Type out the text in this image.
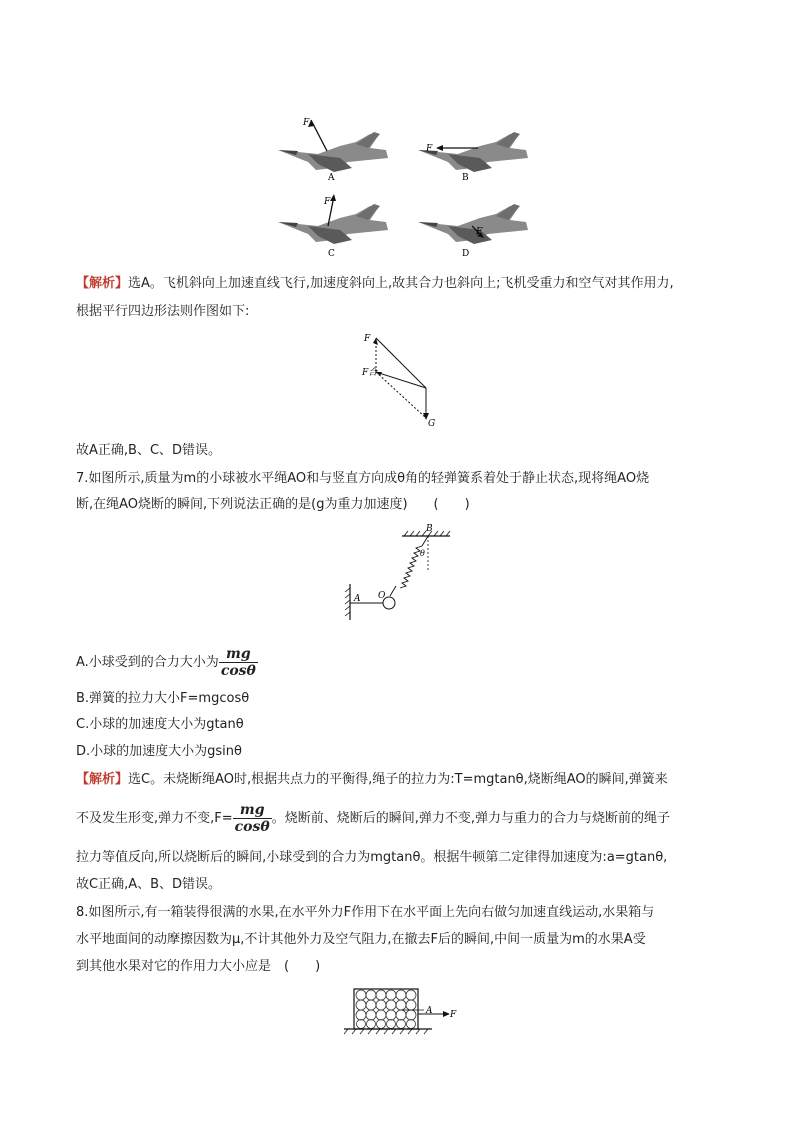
F
A
F
B
F
C
F
D
【解析】选A。飞机斜向上加速直线飞行,加速度斜向上,故其合力也斜向上;飞机受重力和空气对其作用力,
根据平行四边形法则作图如下:
F
F合
G
故A正确,B、C、D错误。
7.如图所示,质量为m的小球被水平绳AO和与竖直方向成θ角的轻弹簧系着处于静止状态,现将绳AO烧
断,在绳AO烧断的瞬间,下列说法正确的是(g为重力加速度)　　(　　)
B
θ
O
A
A.小球受到的合力大小为 $\frac{mg}{\cos\theta}$
B.弹簧的拉力大小F=mgcosθ
C.小球的加速度大小为gtanθ
D.小球的加速度大小为gsinθ
【解析】选C。未烧断绳AO时,根据共点力的平衡得,绳子的拉力为:T=mgtanθ,烧断绳AO的瞬间,弹簧来
不及发生形变,弹力不变$,F= \frac{mg}{\cos\theta}$ 。烧断前、烧断后的瞬间,弹力不变,弹力与重力的合力与烧断前的绳子
拉力等值反向,所以烧断后的瞬间,小球受到的合力为mgtanθ。根据牛顿第二定律得加速度为:a=gtanθ,
故C正确,A、B、D错误。
8.如图所示,有一箱装得很满的水果,在水平外力F作用下在水平面上先向右做匀加速直线运动,水果箱与
水平地面间的动摩擦因数为μ,不计其他外力及空气阻力,在撤去F后的瞬间,中间一质量为m的水果A受
到其他水果对它的作用力大小应是　(　　)
A F
